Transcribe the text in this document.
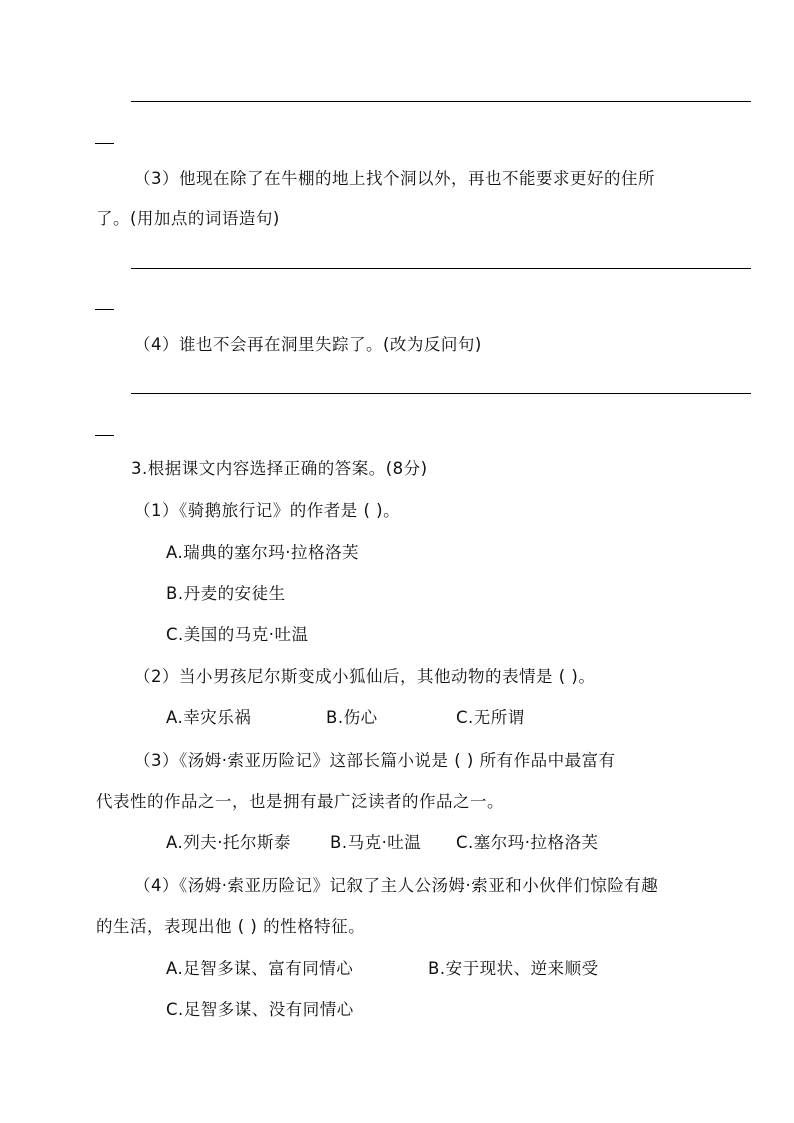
（3）他现在除了在牛棚的地上找个洞以外，再也不能要求更好的住所
了。(用加点的词语造句)
（4）谁也不会再在洞里失踪了。(改为反问句)
3.根据课文内容选择正确的答案。(8分)
（1）《骑鹅旅行记》的作者是 ( )。
A.瑞典的塞尔玛·拉格洛芙
B.丹麦的安徒生
C.美国的马克·吐温
（2）当小男孩尼尔斯变成小狐仙后，其他动物的表情是 ( )。
A.幸灾乐祸	B.伤心	C.无所谓
（3）《汤姆·索亚历险记》这部长篇小说是 ( ) 所有作品中最富有
代表性的作品之一，也是拥有最广泛读者的作品之一。
A.列夫·托尔斯泰 B.马克·吐温 C.塞尔玛·拉格洛芙
（4）《汤姆·索亚历险记》记叙了主人公汤姆·索亚和小伙伴们惊险有趣
的生活，表现出他 ( ) 的性格特征。
A.足智多谋、富有同情心	B.安于现状、逆来顺受
C.足智多谋、没有同情心
